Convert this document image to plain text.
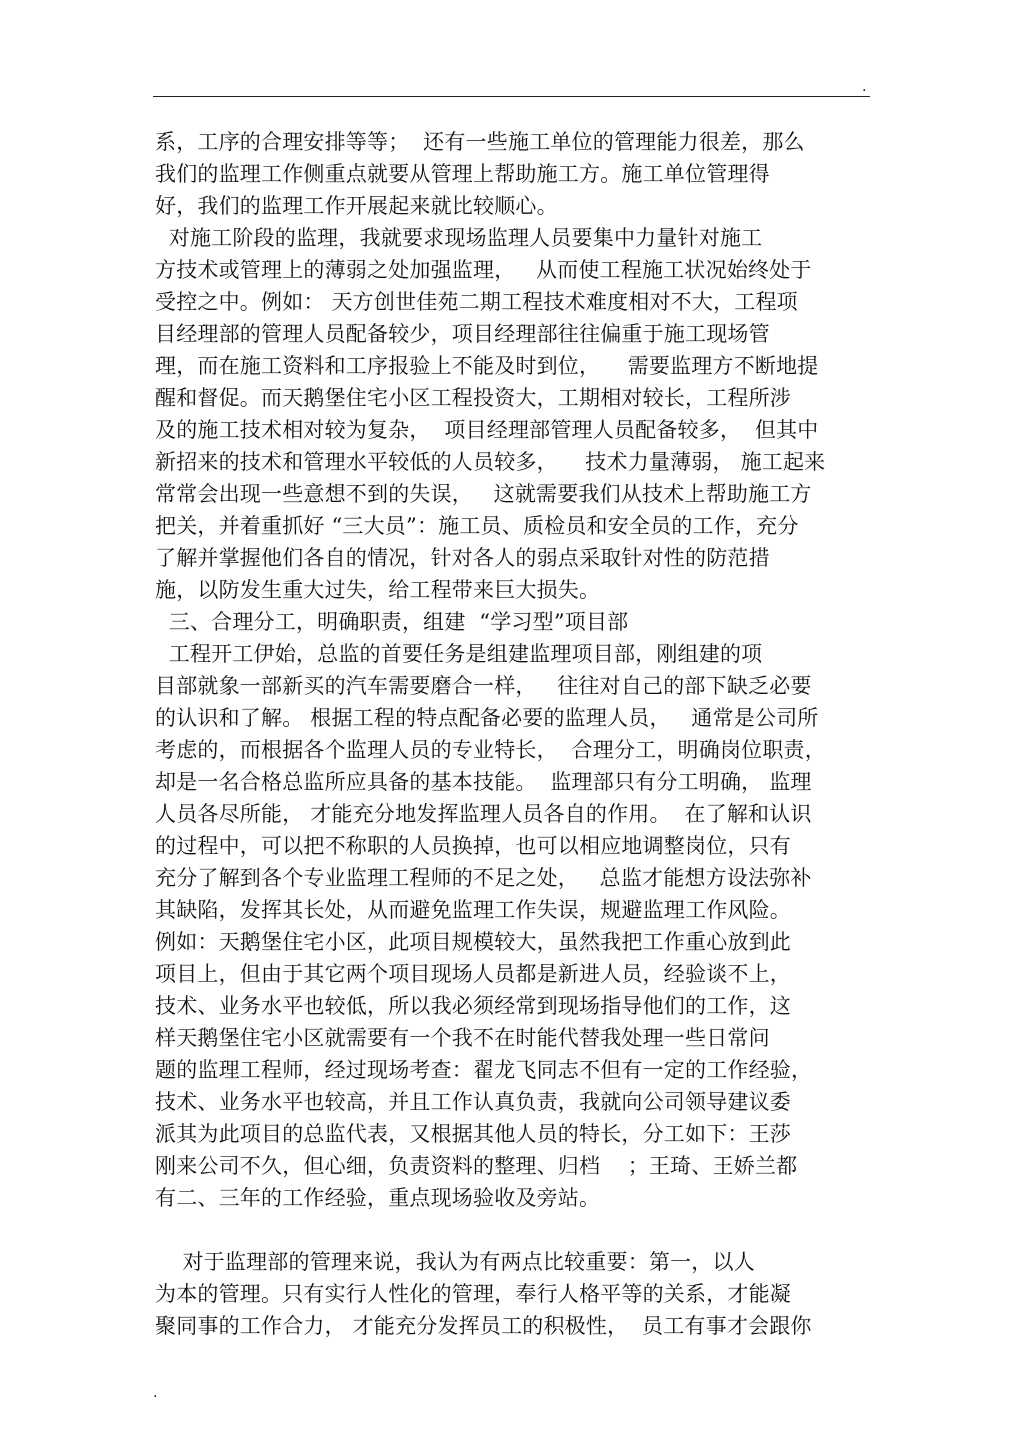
.
系，工序的合理安排等等；  还有一些施工单位的管理能力很差，那么
我们的监理工作侧重点就要从管理上帮助施工方。施工单位管理得
好，我们的监理工作开展起来就比较顺心。
对施工阶段的监理，我就要求现场监理人员要集中力量针对施工
方技术或管理上的薄弱之处加强监理，   从而使工程施工状况始终处于
受控之中。例如： 天方创世佳苑二期工程技术难度相对不大，工程项
目经理部的管理人员配备较少，项目经理部往往偏重于施工现场管
理，而在施工资料和工序报验上不能及时到位，    需要监理方不断地提
醒和督促。而天鹅堡住宅小区工程投资大，工期相对较长，工程所涉
及的施工技术相对较为复杂，  项目经理部管理人员配备较多，  但其中
新招来的技术和管理水平较低的人员较多，    技术力量薄弱， 施工起来
常常会出现一些意想不到的失误，   这就需要我们从技术上帮助施工方
把关，并着重抓好 “三大员”：施工员、质检员和安全员的工作，充分
了解并掌握他们各自的情况，针对各人的弱点采取针对性的防范措
施，以防发生重大过失，给工程带来巨大损失。
三、合理分工，明确职责，组建  “学习型”项目部
工程开工伊始，总监的首要任务是组建监理项目部，刚组建的项
目部就象一部新买的汽车需要磨合一样，   往往对自己的部下缺乏必要
的认识和了解。 根据工程的特点配备必要的监理人员，   通常是公司所
考虑的，而根据各个监理人员的专业特长，  合理分工，明确岗位职责，
却是一名合格总监所应具备的基本技能。  监理部只有分工明确， 监理
人员各尽所能， 才能充分地发挥监理人员各自的作用。  在了解和认识
的过程中，可以把不称职的人员换掉，也可以相应地调整岗位，只有
充分了解到各个专业监理工程师的不足之处，   总监才能想方设法弥补
其缺陷，发挥其长处，从而避免监理工作失误，规避监理工作风险。
例如：天鹅堡住宅小区，此项目规模较大，虽然我把工作重心放到此
项目上，但由于其它两个项目现场人员都是新进人员，经验谈不上，
技术、业务水平也较低，所以我必须经常到现场指导他们的工作，这
样天鹅堡住宅小区就需要有一个我不在时能代替我处理一些日常问
题的监理工程师，经过现场考查：翟龙飞同志不但有一定的工作经验，
技术、业务水平也较高，并且工作认真负责，我就向公司领导建议委
派其为此项目的总监代表，又根据其他人员的特长，分工如下：王莎
刚来公司不久，但心细，负责资料的整理、归档    ；王琦、王娇兰都
有二、三年的工作经验，重点现场验收及旁站。
对于监理部的管理来说，我认为有两点比较重要：第一，以人
为本的管理。只有实行人性化的管理，奉行人格平等的关系，才能凝
聚同事的工作合力， 才能充分发挥员工的积极性，  员工有事才会跟你
.
